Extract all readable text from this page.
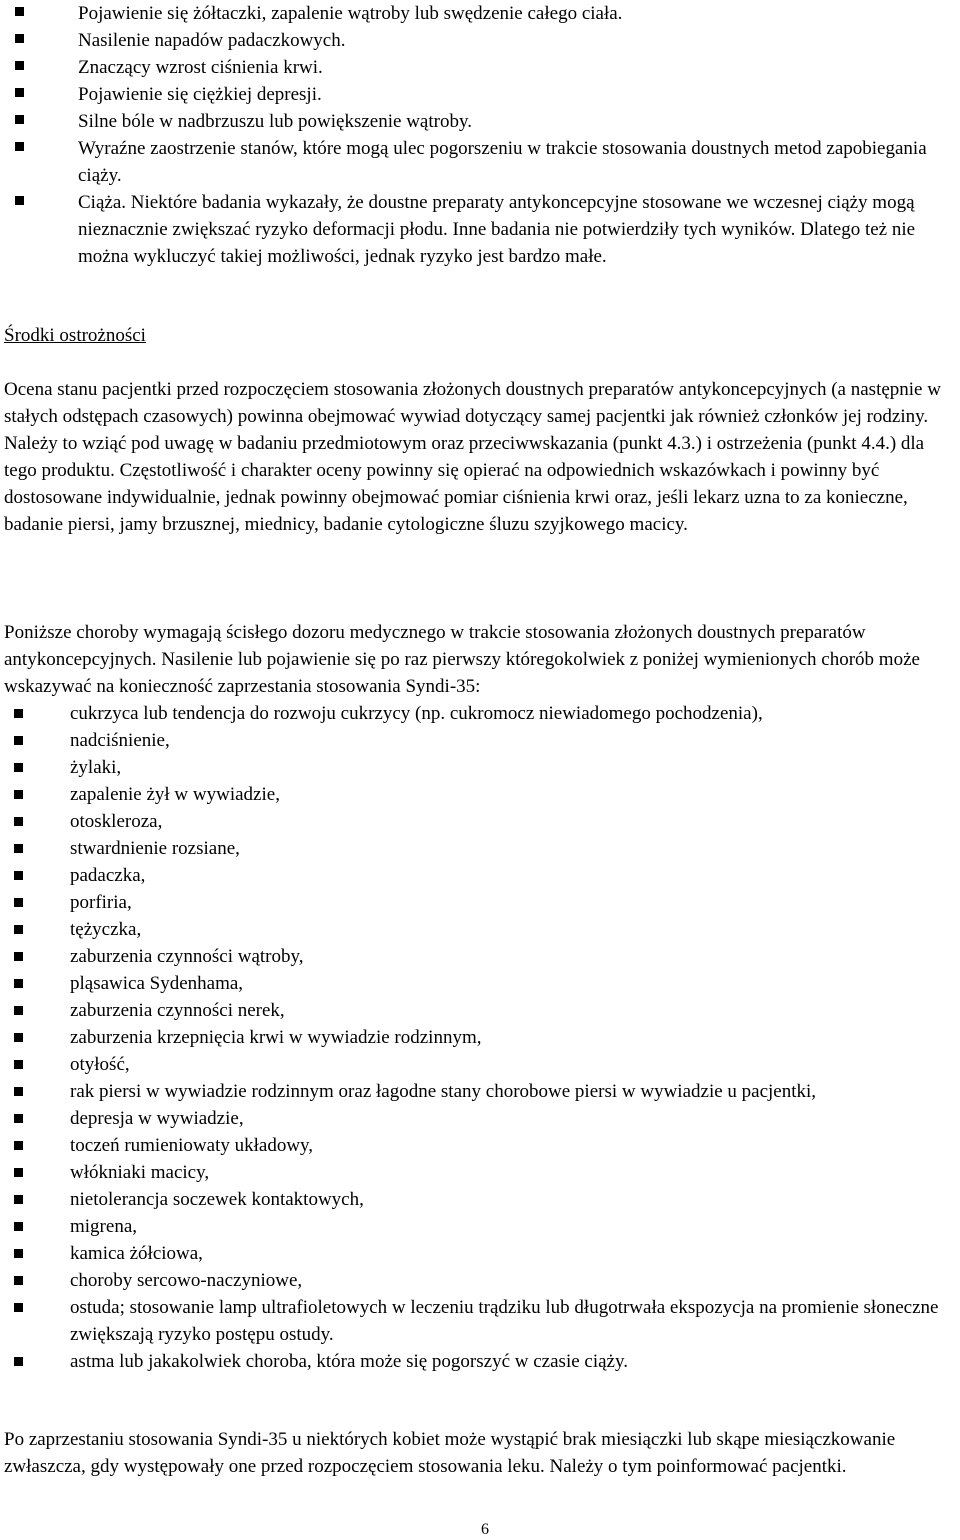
Pojawienie się żółtaczki, zapalenie wątroby lub swędzenie całego ciała.
Nasilenie napadów padaczkowych.
Znaczący wzrost ciśnienia krwi.
Pojawienie się ciężkiej depresji.
Silne bóle w nadbrzuszu lub powiększenie wątroby.
Wyraźne zaostrzenie stanów, które mogą ulec pogorszeniu w trakcie stosowania doustnych metod zapobiegania ciąży.
Ciąża. Niektóre badania wykazały, że doustne preparaty antykoncepcyjne stosowane we wczesnej ciąży mogą nieznacznie zwiększać ryzyko deformacji płodu. Inne badania nie potwierdziły tych wyników. Dlatego też nie można wykluczyć takiej możliwości, jednak ryzyko jest bardzo małe.
Środki ostrożności

Ocena stanu pacjentki przed rozpoczęciem stosowania złożonych doustnych preparatów antykoncepcyjnych (a następnie w stałych odstępach czasowych) powinna obejmować wywiad dotyczący samej pacjentki jak również członków jej rodziny. Należy to wziąć pod uwagę w badaniu przedmiotowym oraz przeciwwskazania (punkt 4.3.) i ostrzeżenia (punkt 4.4.) dla tego produktu. Częstotliwość i charakter oceny powinny się opierać na odpowiednich wskazówkach i powinny być dostosowane indywidualnie, jednak powinny obejmować pomiar ciśnienia krwi oraz, jeśli lekarz uzna to za konieczne, badanie piersi, jamy brzusznej, miednicy, badanie cytologiczne śluzu szyjkowego macicy.

Poniższe choroby wymagają ścisłego dozoru medycznego w trakcie stosowania złożonych doustnych preparatów antykoncepcyjnych. Nasilenie lub pojawienie się po raz pierwszy któregokolwiek z poniżej wymienionych chorób może wskazywać na konieczność zaprzestania stosowania Syndi-35:

cukrzyca lub tendencja do rozwoju cukrzycy (np. cukromocz niewiadomego pochodzenia),
nadciśnienie,
żylaki,
zapalenie żył w wywiadzie,
otoskleroza,
stwardnienie rozsiane,
padaczka,
porfiria,
tężyczka,
zaburzenia czynności wątroby,
pląsawica Sydenhama,
zaburzenia czynności nerek,
zaburzenia krzepnięcia krwi w wywiadzie rodzinnym,
otyłość,
rak piersi w wywiadzie rodzinnym oraz łagodne stany chorobowe piersi w wywiadzie u pacjentki,
depresja w wywiadzie,
toczeń rumieniowaty układowy,
włókniaki macicy,
nietolerancja soczewek kontaktowych,
migrena,
kamica żółciowa,
choroby sercowo-naczyniowe,
ostuda; stosowanie lamp ultrafioletowych w leczeniu trądziku lub długotrwała ekspozycja na promienie słoneczne zwiększają ryzyko postępu ostudy.
astma lub jakakolwiek choroba, która może się pogorszyć w czasie ciąży.

Po zaprzestaniu stosowania Syndi-35 u niektórych kobiet może wystąpić brak miesiączki lub skąpe miesiączkowanie zwłaszcza, gdy występowały one przed rozpoczęciem stosowania leku. Należy o tym poinformować pacjentki.

6
